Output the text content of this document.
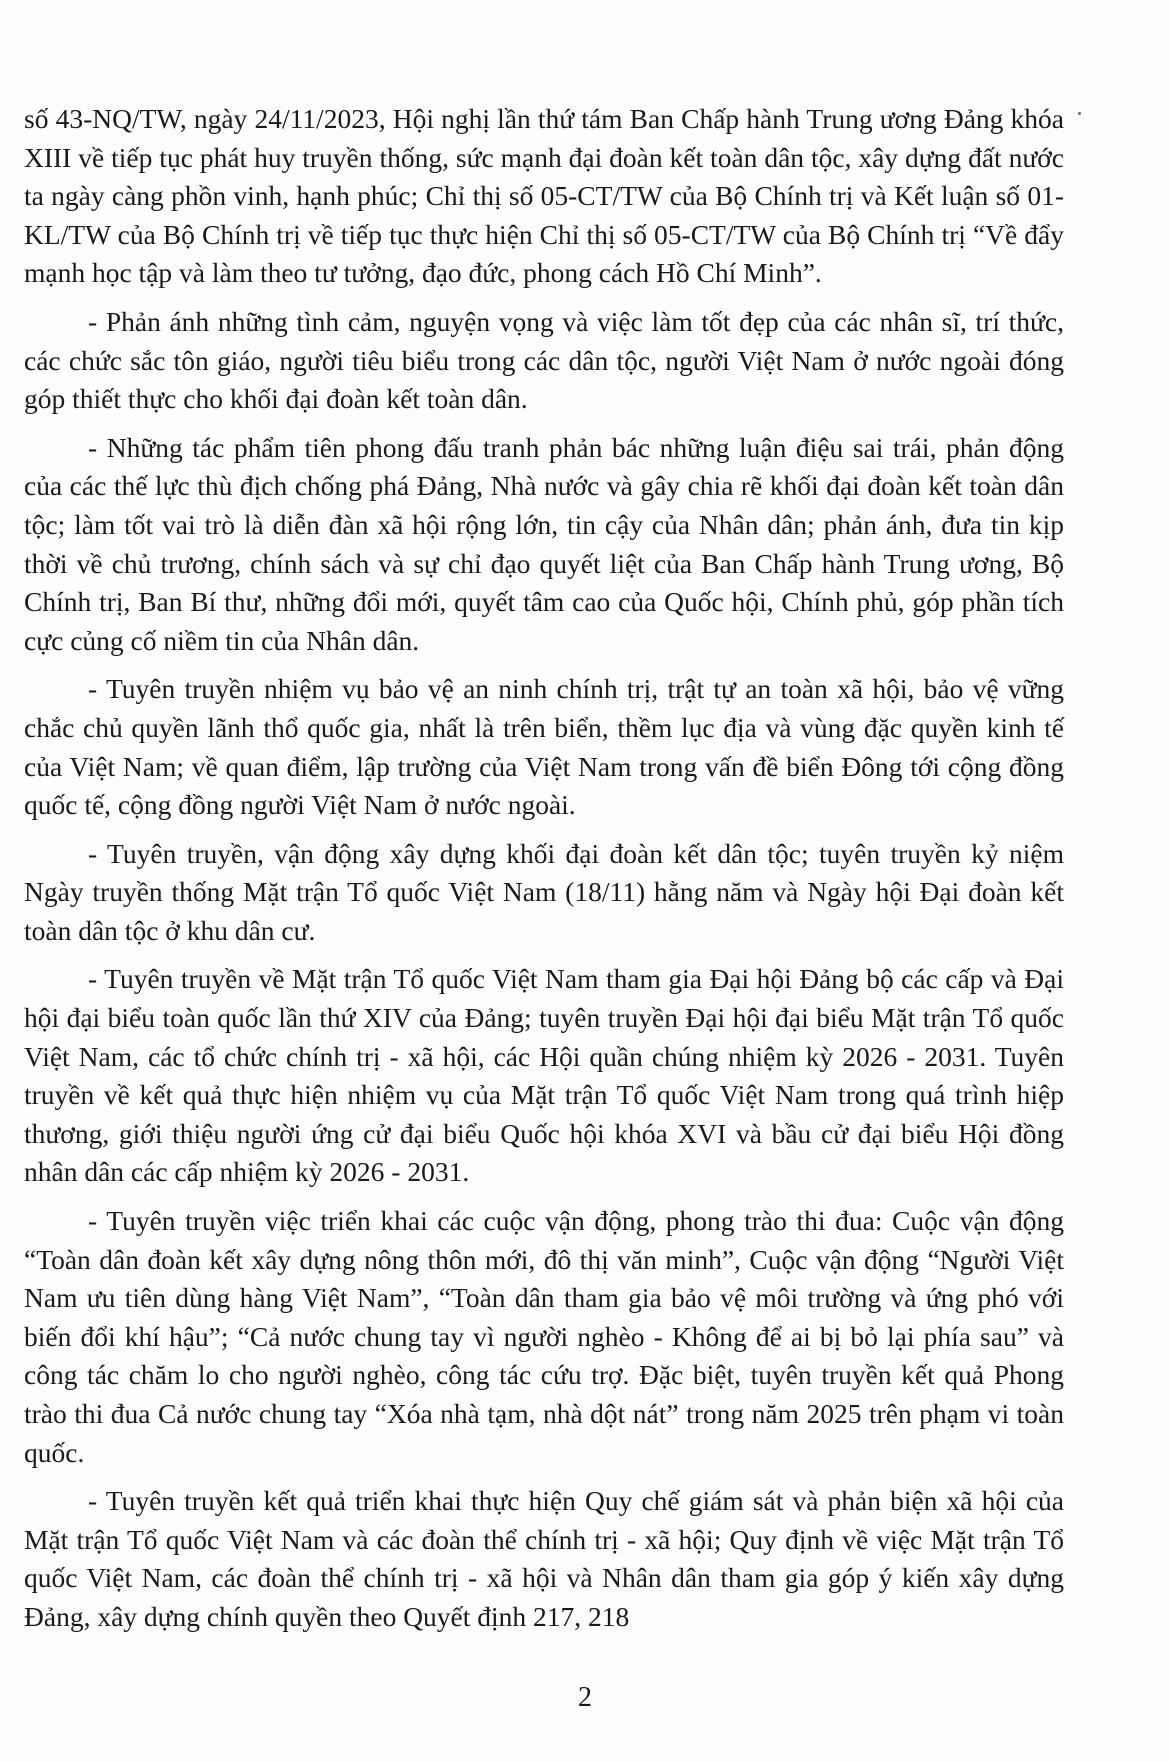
số 43-NQ/TW, ngày 24/11/2023, Hội nghị lần thứ tám Ban Chấp hành Trung ương Đảng khóa XIII về tiếp tục phát huy truyền thống, sức mạnh đại đoàn kết toàn dân tộc, xây dựng đất nước ta ngày càng phồn vinh, hạnh phúc; Chỉ thị số 05-CT/TW của Bộ Chính trị và Kết luận số 01-KL/TW của Bộ Chính trị về tiếp tục thực hiện Chỉ thị số 05-CT/TW của Bộ Chính trị “Về đẩy mạnh học tập và làm theo tư tưởng, đạo đức, phong cách Hồ Chí Minh”.

- Phản ánh những tình cảm, nguyện vọng và việc làm tốt đẹp của các nhân sĩ, trí thức, các chức sắc tôn giáo, người tiêu biểu trong các dân tộc, người Việt Nam ở nước ngoài đóng góp thiết thực cho khối đại đoàn kết toàn dân.

- Những tác phẩm tiên phong đấu tranh phản bác những luận điệu sai trái, phản động của các thế lực thù địch chống phá Đảng, Nhà nước và gây chia rẽ khối đại đoàn kết toàn dân tộc; làm tốt vai trò là diễn đàn xã hội rộng lớn, tin cậy của Nhân dân; phản ánh, đưa tin kịp thời về chủ trương, chính sách và sự chỉ đạo quyết liệt của Ban Chấp hành Trung ương, Bộ Chính trị, Ban Bí thư, những đổi mới, quyết tâm cao của Quốc hội, Chính phủ, góp phần tích cực củng cố niềm tin của Nhân dân.

- Tuyên truyền nhiệm vụ bảo vệ an ninh chính trị, trật tự an toàn xã hội, bảo vệ vững chắc chủ quyền lãnh thổ quốc gia, nhất là trên biển, thềm lục địa và vùng đặc quyền kinh tế của Việt Nam; về quan điểm, lập trường của Việt Nam trong vấn đề biển Đông tới cộng đồng quốc tế, cộng đồng người Việt Nam ở nước ngoài.

- Tuyên truyền, vận động xây dựng khối đại đoàn kết dân tộc; tuyên truyền kỷ niệm Ngày truyền thống Mặt trận Tổ quốc Việt Nam (18/11) hằng năm và Ngày hội Đại đoàn kết toàn dân tộc ở khu dân cư.

- Tuyên truyền về Mặt trận Tổ quốc Việt Nam tham gia Đại hội Đảng bộ các cấp và Đại hội đại biểu toàn quốc lần thứ XIV của Đảng; tuyên truyền Đại hội đại biểu Mặt trận Tổ quốc Việt Nam, các tổ chức chính trị - xã hội, các Hội quần chúng nhiệm kỳ 2026 - 2031. Tuyên truyền về kết quả thực hiện nhiệm vụ của Mặt trận Tổ quốc Việt Nam trong quá trình hiệp thương, giới thiệu người ứng cử đại biểu Quốc hội khóa XVI và bầu cử đại biểu Hội đồng nhân dân các cấp nhiệm kỳ 2026 - 2031.

- Tuyên truyền việc triển khai các cuộc vận động, phong trào thi đua: Cuộc vận động “Toàn dân đoàn kết xây dựng nông thôn mới, đô thị văn minh”, Cuộc vận động “Người Việt Nam ưu tiên dùng hàng Việt Nam”, “Toàn dân tham gia bảo vệ môi trường và ứng phó với biến đổi khí hậu”; “Cả nước chung tay vì người nghèo - Không để ai bị bỏ lại phía sau” và công tác chăm lo cho người nghèo, công tác cứu trợ. Đặc biệt, tuyên truyền kết quả Phong trào thi đua Cả nước chung tay “Xóa nhà tạm, nhà dột nát” trong năm 2025 trên phạm vi toàn quốc.

- Tuyên truyền kết quả triển khai thực hiện Quy chế giám sát và phản biện xã hội của Mặt trận Tổ quốc Việt Nam và các đoàn thể chính trị - xã hội; Quy định về việc Mặt trận Tổ quốc Việt Nam, các đoàn thể chính trị - xã hội và Nhân dân tham gia góp ý kiến xây dựng Đảng, xây dựng chính quyền theo Quyết định 217, 218

2
